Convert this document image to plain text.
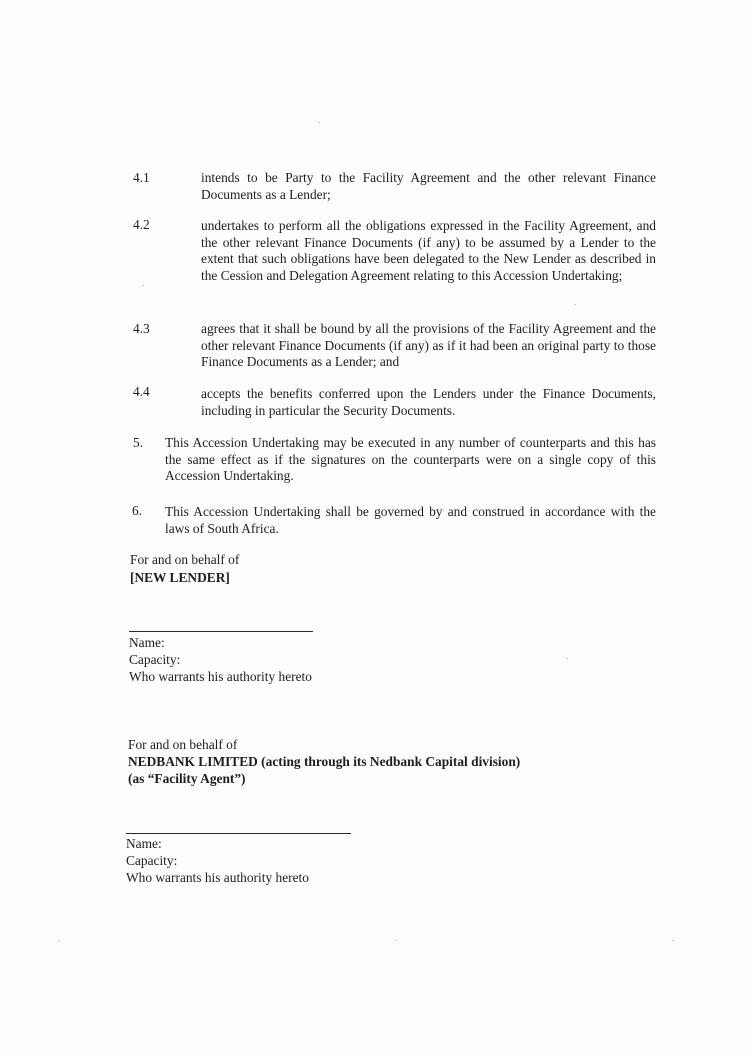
4.1	intends to be Party to the Facility Agreement and the other relevant Finance Documents as a Lender;
4.2	undertakes to perform all the obligations expressed in the Facility Agreement, and the other relevant Finance Documents (if any) to be assumed by a Lender to the extent that such obligations have been delegated to the New Lender as described in the Cession and Delegation Agreement relating to this Accession Undertaking;
4.3	agrees that it shall be bound by all the provisions of the Facility Agreement and the other relevant Finance Documents (if any) as if it had been an original party to those Finance Documents as a Lender; and
4.4	accepts the benefits conferred upon the Lenders under the Finance Documents, including in particular the Security Documents.
5. This Accession Undertaking may be executed in any number of counterparts and this has the same effect as if the signatures on the counterparts were on a single copy of this Accession Undertaking.
6. This Accession Undertaking shall be governed by and construed in accordance with the laws of South Africa.
For and on behalf of
[NEW LENDER]
Name:
Capacity:
Who warrants his authority hereto
For and on behalf of
NEDBANK LIMITED (acting through its Nedbank Capital division)
(as “Facility Agent”)
Name:
Capacity:
Who warrants his authority hereto
